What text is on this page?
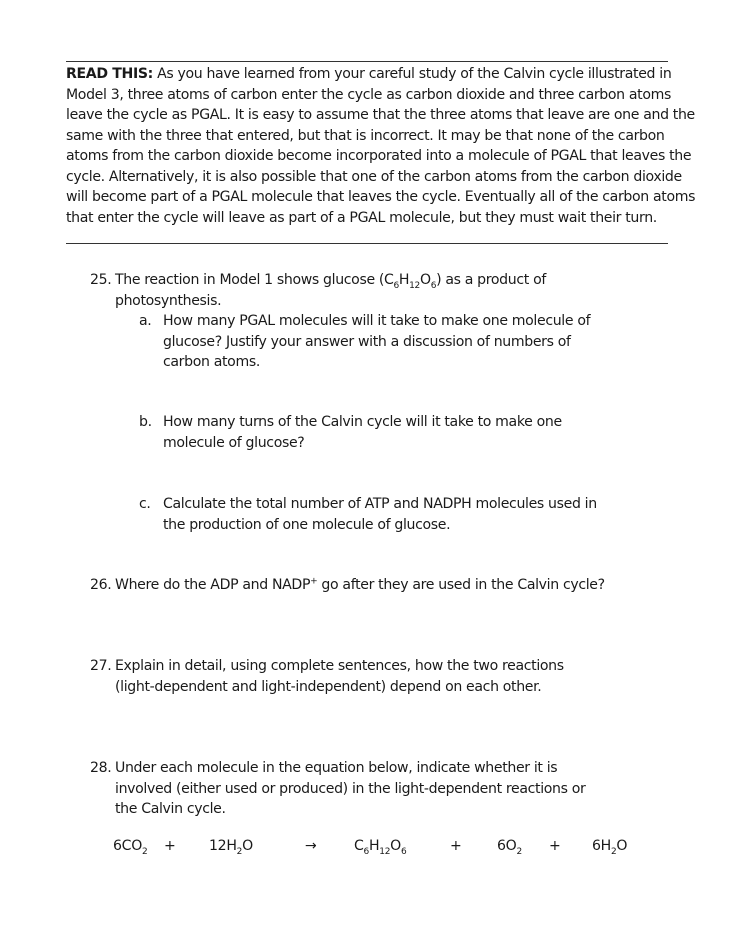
READ THIS: As you have learned from your careful study of the Calvin cycle illustrated in Model 3, three atoms of carbon enter the cycle as carbon dioxide and three carbon atoms leave the cycle as PGAL. It is easy to assume that the three atoms that leave are one and the same with the three that entered, but that is incorrect. It may be that none of the carbon atoms from the carbon dioxide become incorporated into a molecule of PGAL that leaves the cycle. Alternatively, it is also possible that one of the carbon atoms from the carbon dioxide will become part of a PGAL molecule that leaves the cycle. Eventually all of the carbon atoms that enter the cycle will leave as part of a PGAL molecule, but they must wait their turn.
25. The reaction in Model 1 shows glucose $(C_6H_{12}O_6)$ as a product of photosynthesis.
a. How many PGAL molecules will it take to make one molecule of glucose? Justify your answer with a discussion of numbers of carbon atoms.
b. How many turns of the Calvin cycle will it take to make one molecule of glucose?
c. Calculate the total number of ATP and NADPH molecules used in the production of one molecule of glucose.
26. Where do the ADP and NADP+ go after they are used in the Calvin cycle?
27. Explain in detail, using complete sentences, how the two reactions (light-dependent and light-independent) depend on each other.
28. Under each molecule in the equation below, indicate whether it is involved (either used or produced) in the light-dependent reactions or the Calvin cycle.
$6CO_2 + 12H_2O$	→	$C_6H_{12}O_6$	+	$6O_2 + 6H_2O$
